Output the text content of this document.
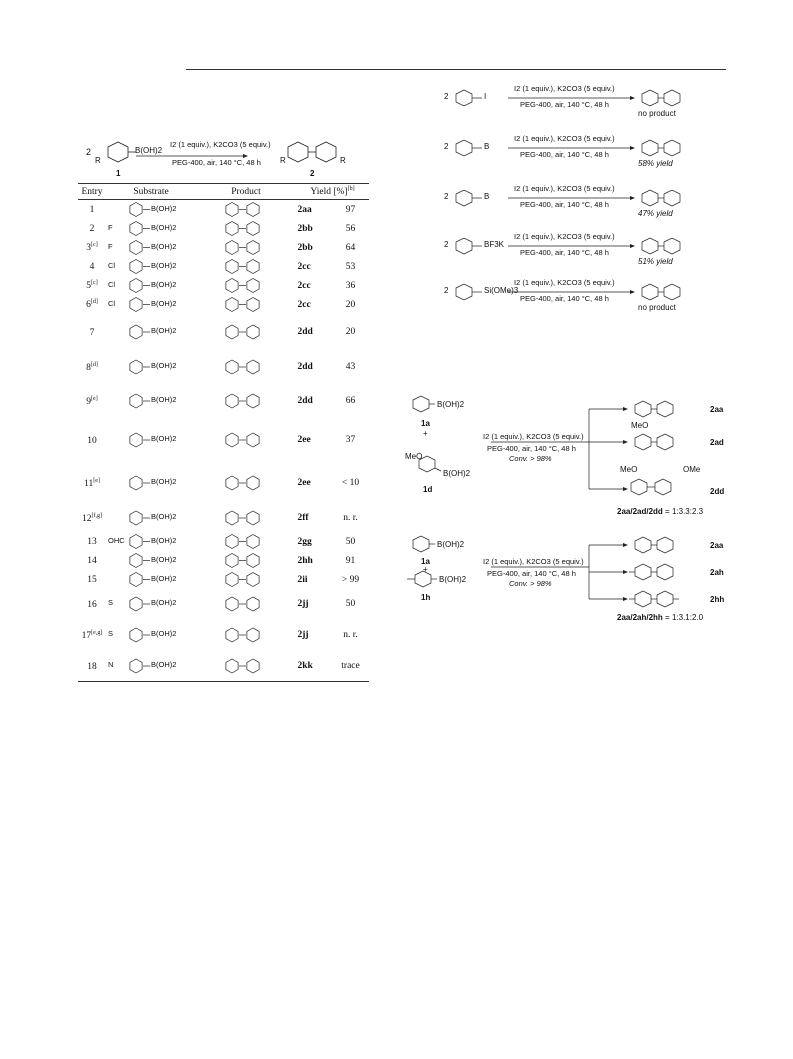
2
R
B(OH)2
I2 (1 equiv.), K2CO3 (5 equiv.)
PEG-400, air, 140 °C, 48 h R	R
1	2
Entry	Substrate	Product	Yield [%][b]
1	B(OH)2		2aa 97
2	F B(OH)2		2bb 56
3[c]	F B(OH)2		2bb 64
4	Cl B(OH)2		2cc 53
5[c]	Cl B(OH)2		2cc 36
6[d]	Cl B(OH)2		2cc 20
7	B(OH)2		2dd 20
8[d]	B(OH)2		2dd 43
9[e]	B(OH)2		2dd 66
10	B(OH)2		2ee 37
11[e]	B(OH)2		2ee < 10
12[f,g]	B(OH)2		2ff n. r.
13	OHC B(OH)2		2gg 50
14	B(OH)2		2hh 91
15	B(OH)2		2ii > 99
16	S B(OH)2		2jj 50
17[e,g]	S B(OH)2		2jj n. r.
18	N B(OH)2		2kk trace
2	I
I2 (1 equiv.), K2CO3 (5 equiv.)
PEG-400, air, 140 °C, 48 h
no product
2	B
I2 (1 equiv.), K2CO3 (5 equiv.)
PEG-400, air, 140 °C, 48 h
58% yield
2	B
I2 (1 equiv.), K2CO3 (5 equiv.)
PEG-400, air, 140 °C, 48 h
47% yield
2	BF3K
I2 (1 equiv.), K2CO3 (5 equiv.)
PEG-400, air, 140 °C, 48 h
51% yield
2	Si(OMe)3
I2 (1 equiv.), K2CO3 (5 equiv.)
PEG-400, air, 140 °C, 48 h
no product
B(OH)2
1a
+
MeO
B(OH)2
1d
I2 (1 equiv.), K2CO3 (5 equiv.)
PEG-400, air, 140 °C, 48 h
Conv. > 98%
2aa
MeO
2ad
MeO	OMe
2dd
2aa/2ad/2dd = 1:3.3:2.3
B(OH)2
1a
+
B(OH)2
1h
I2 (1 equiv.), K2CO3 (5 equiv.)
PEG-400, air, 140 °C, 48 h
Conv. > 98%
2aa
2ah
2hh
2aa/2ah/2hh = 1:3.1:2.0
